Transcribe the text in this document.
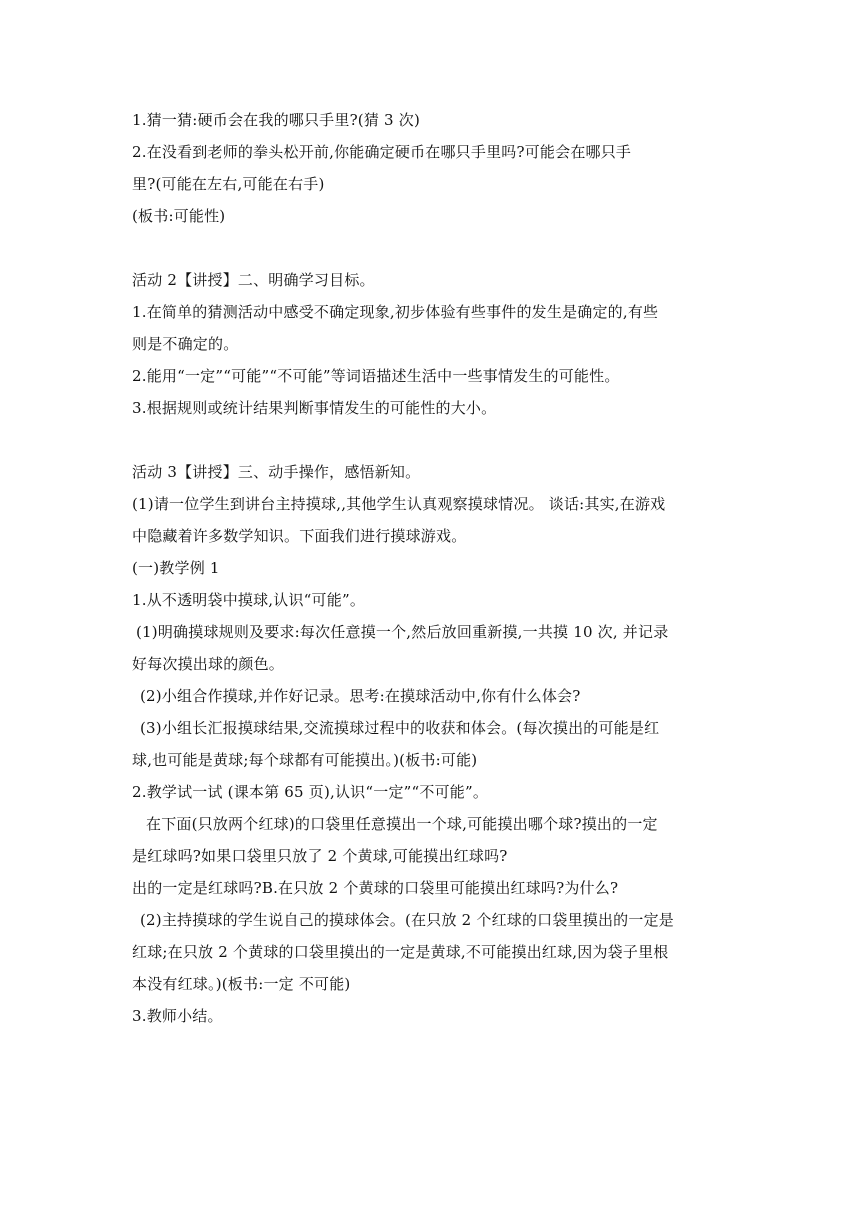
1.猜一猜:硬币会在我的哪只手里?(猜 3 次)
2.在没看到老师的拳头松开前,你能确定硬币在哪只手里吗?可能会在哪只手
里?(可能在左右,可能在右手)
(板书:可能性)
活动 2【讲授】二、明确学习目标。
1.在简单的猜测活动中感受不确定现象,初步体验有些事件的发生是确定的,有些
则是不确定的。
2.能用“一定”“可能”“不可能”等词语描述生活中一些事情发生的可能性。
3.根据规则或统计结果判断事情发生的可能性的大小。
活动 3【讲授】三、动手操作，感悟新知。
(1)请一位学生到讲台主持摸球,,其他学生认真观察摸球情况。 谈话:其实,在游戏
中隐藏着许多数学知识。下面我们进行摸球游戏。
(一)教学例 1
1.从不透明袋中摸球,认识“可能”。
(1)明确摸球规则及要求:每次任意摸一个,然后放回重新摸,一共摸 10 次, 并记录
好每次摸出球的颜色。
(2)小组合作摸球,并作好记录。思考:在摸球活动中,你有什么体会?
(3)小组长汇报摸球结果,交流摸球过程中的收获和体会。(每次摸出的可能是红
球,也可能是黄球;每个球都有可能摸出。)(板书:可能)
2.教学试一试 (课本第 65 页),认识“一定”“不可能”。
在下面(只放两个红球)的口袋里任意摸出一个球,可能摸出哪个球?摸出的一定
是红球吗?如果口袋里只放了 2 个黄球,可能摸出红球吗?
出的一定是红球吗?B.在只放 2 个黄球的口袋里可能摸出红球吗?为什么?
(2)主持摸球的学生说自己的摸球体会。(在只放 2 个红球的口袋里摸出的一定是
红球;在只放 2 个黄球的口袋里摸出的一定是黄球,不可能摸出红球,因为袋子里根
本没有红球。)(板书:一定 不可能)
3.教师小结。
